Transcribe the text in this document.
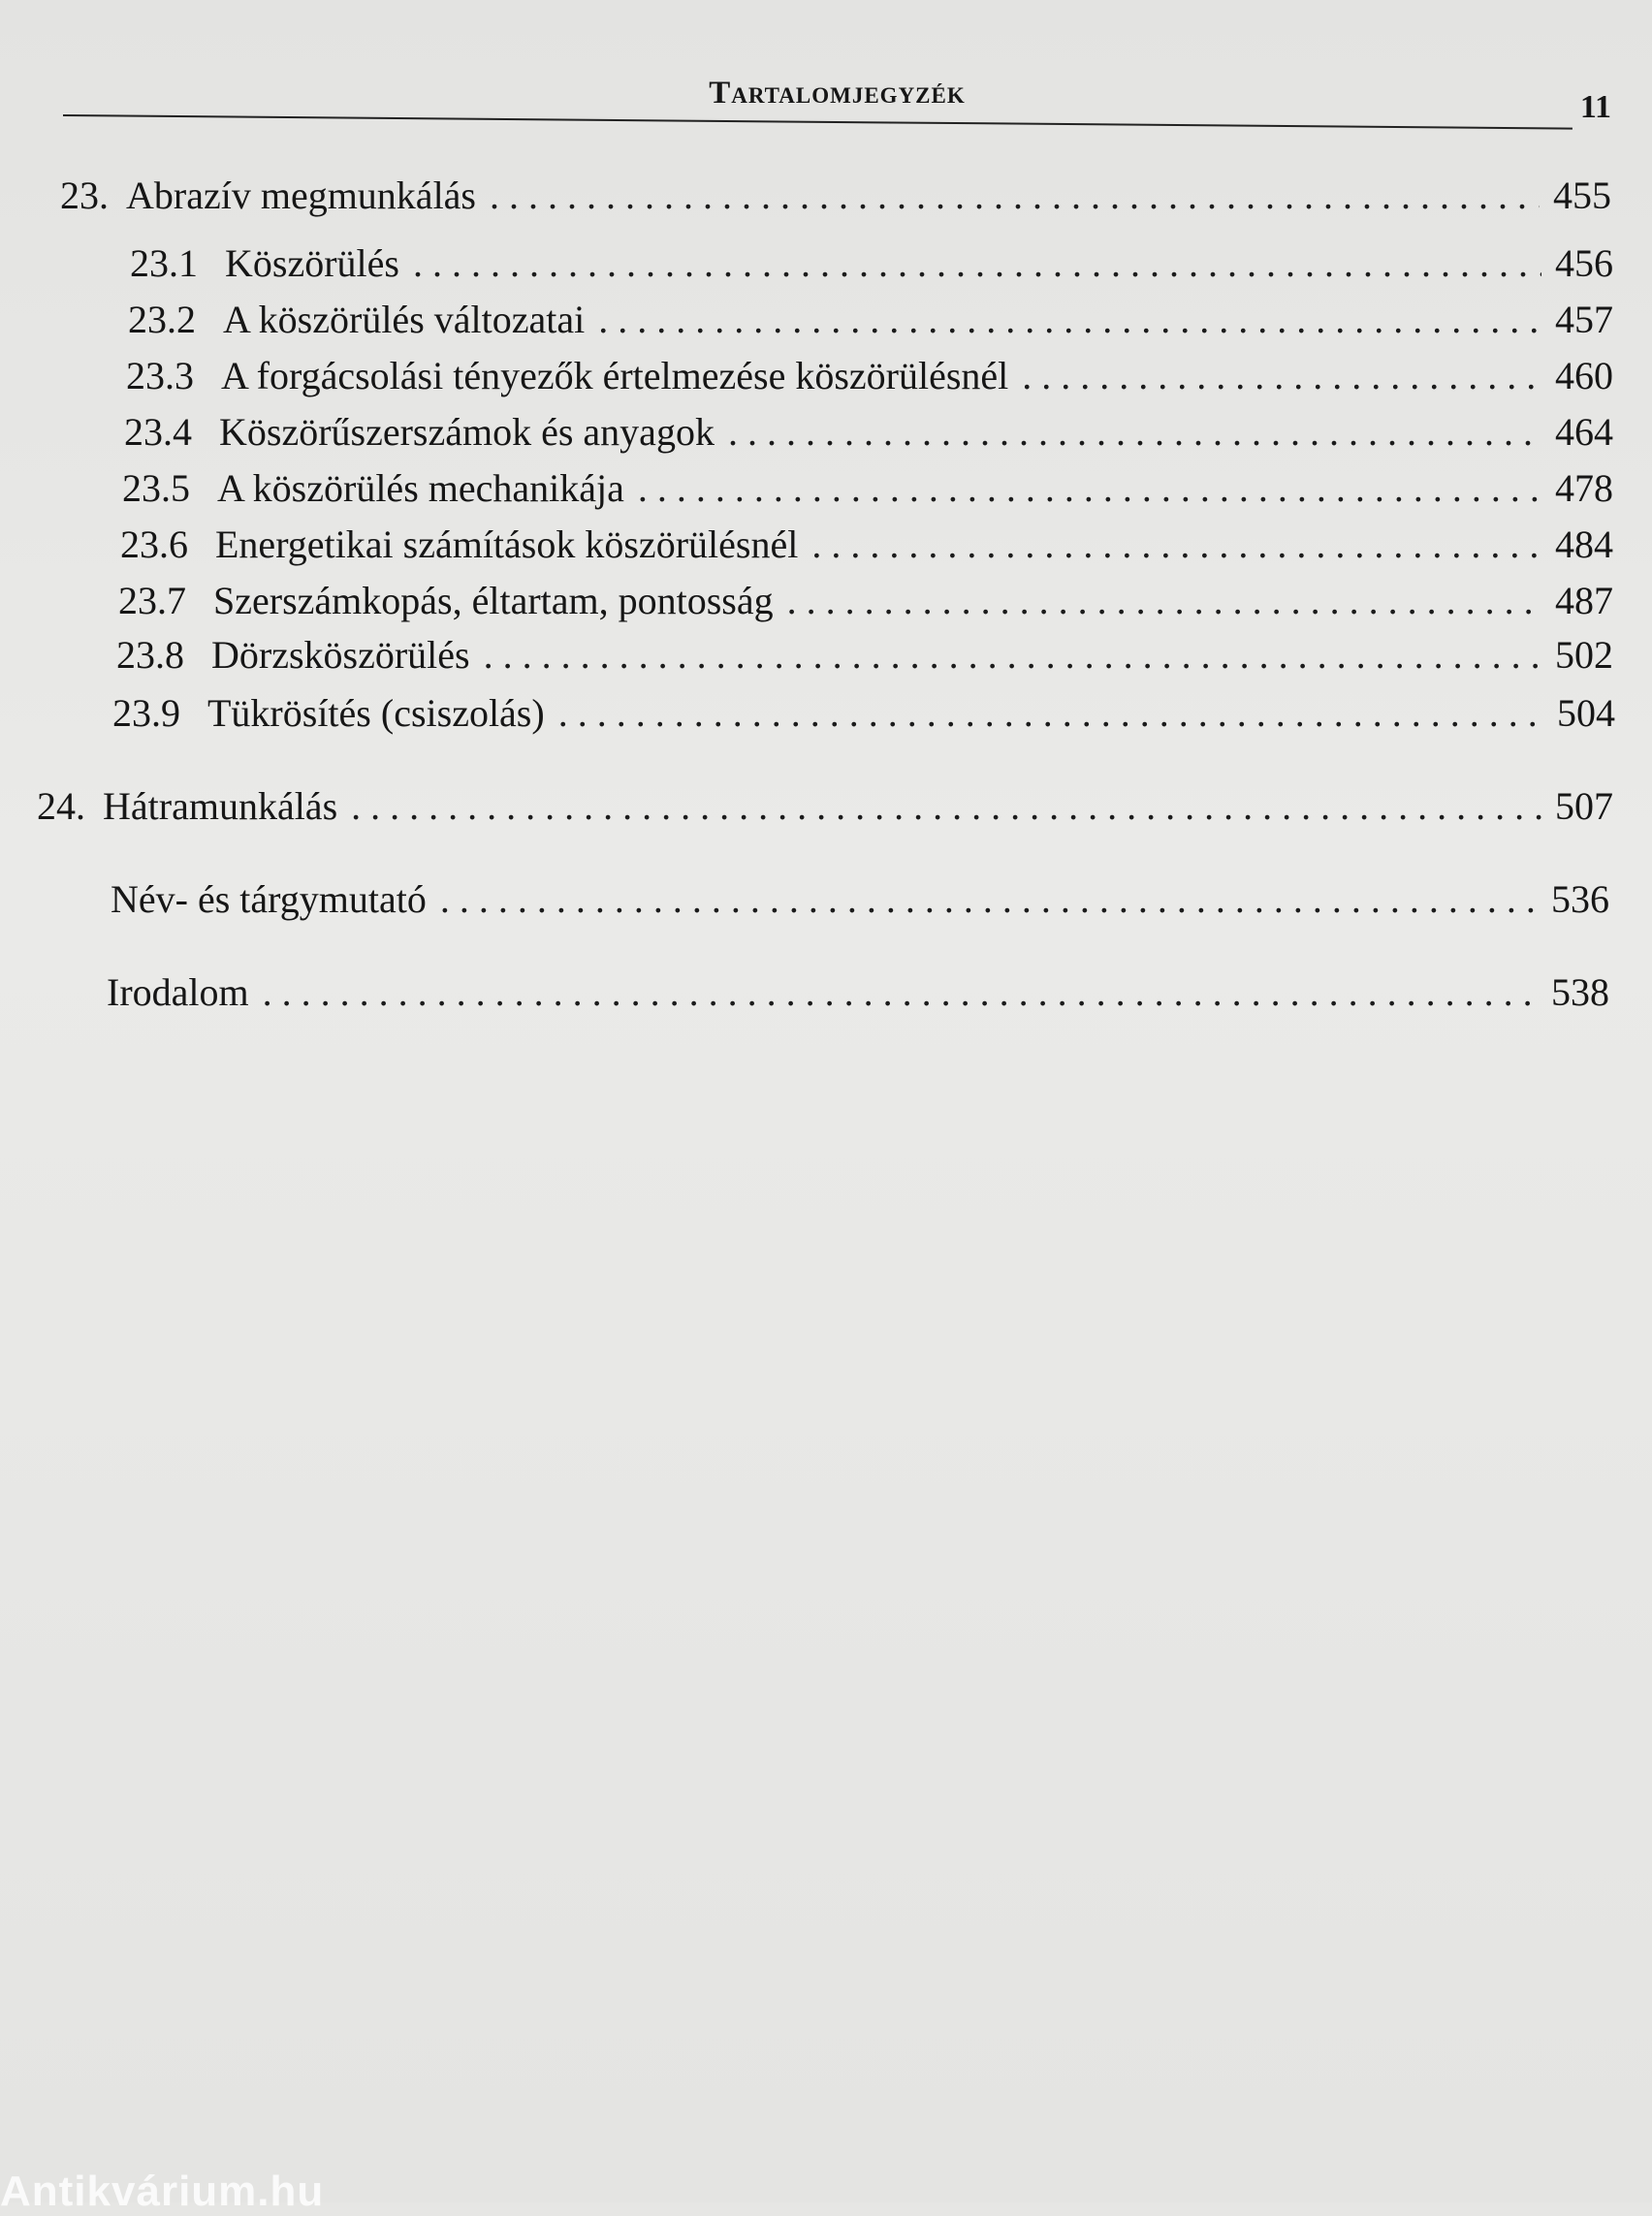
Tartalomjegyzék	11
23. Abrazív megmunkálás . . .	455
23.1 Köszörülés . . .	456
23.2 A köszörülés változatai . . .	457
23.3 A forgácsolási tényezők értelmezése köszörülésnél . . .	460
23.4 Köszörűszerszámok és anyagok . . .	464
23.5 A köszörülés mechanikája . . .	478
23.6 Energetikai számítások köszörülésnél . . .	484
23.7 Szerszámkopás, éltartam, pontosság . . .	487
23.8 Dörzsköszörülés . . .	502
23.9 Tükrösítés (csiszolás) . . .	504
24. Hátramunkálás . . .	507
Név- és tárgymutató . . .	536
Irodalom . . .	538
Antikvárium.hu
